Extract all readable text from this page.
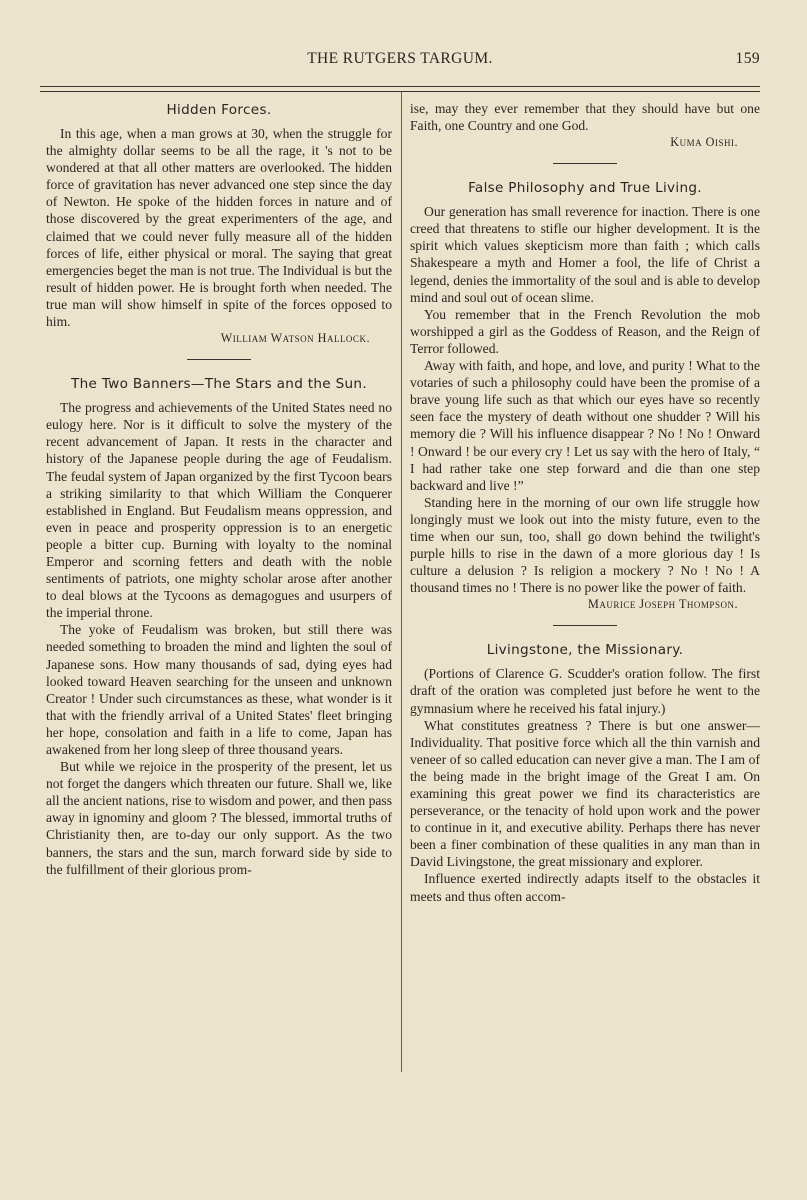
THE RUTGERS TARGUM.	159
Hidden Forces.

In this age, when a man grows at 30, when the struggle for the almighty dollar seems to be all the rage, it 's not to be wondered at that all other matters are overlooked. The hidden force of gravitation has never advanced one step since the day of Newton. He spoke of the hidden forces in nature and of those discovered by the great experimenters of the age, and claimed that we could never fully measure all of the hidden forces of life, either physical or moral. The saying that great emergencies beget the man is not true. The Individual is but the result of hidden power. He is brought forth when needed. The true man will show himself in spite of the forces opposed to him.

William Watson Hallock.
The Two Banners—The Stars and the Sun.

The progress and achievements of the United States need no eulogy here. Nor is it difficult to solve the mystery of the recent advancement of Japan. It rests in the character and history of the Japanese people during the age of Feudalism. The feudal system of Japan organized by the first Tycoon bears a striking similarity to that which William the Conquerer established in England. But Feudalism means oppression, and even in peace and prosperity oppression is to an energetic people a bitter cup. Burning with loyalty to the nominal Emperor and scorning fetters and death with the noble sentiments of patriots, one mighty scholar arose after another to deal blows at the Tycoons as demagogues and usurpers of the imperial throne.

The yoke of Feudalism was broken, but still there was needed something to broaden the mind and lighten the soul of Japanese sons. How many thousands of sad, dying eyes had looked toward Heaven searching for the unseen and unknown Creator ! Under such circumstances as these, what wonder is it that with the friendly arrival of a United States' fleet bringing her hope, consolation and faith in a life to come, Japan has awakened from her long sleep of three thousand years.

But while we rejoice in the prosperity of the present, let us not forget the dangers which threaten our future. Shall we, like all the ancient nations, rise to wisdom and power, and then pass away in ignominy and gloom ? The blessed, immortal truths of Christianity then, are to-day our only support. As the two banners, the stars and the sun, march forward side by side to the fulfillment of their glorious prom-

ise, may they ever remember that they should have but one Faith, one Country and one God.

Kuma Oishi.
False Philosophy and True Living.

Our generation has small reverence for inaction. There is one creed that threatens to stifle our higher development. It is the spirit which values skepticism more than faith ; which calls Shakespeare a myth and Homer a fool, the life of Christ a legend, denies the immortality of the soul and is able to develop mind and soul out of ocean slime.

You remember that in the French Revolution the mob worshipped a girl as the Goddess of Reason, and the Reign of Terror followed.

Away with faith, and hope, and love, and purity ! What to the votaries of such a philosophy could have been the promise of a brave young life such as that which our eyes have so recently seen face the mystery of death without one shudder ? Will his memory die ? Will his influence disappear ? No ! No ! Onward ! Onward ! be our every cry ! Let us say with the hero of Italy, “ I had rather take one step forward and die than one step backward and live !”

Standing here in the morning of our own life struggle how longingly must we look out into the misty future, even to the time when our sun, too, shall go down behind the twilight's purple hills to rise in the dawn of a more glorious day ! Is culture a delusion ? Is religion a mockery ? No ! No ! A thousand times no ! There is no power like the power of faith.

Maurice Joseph Thompson.
Livingstone, the Missionary.

(Portions of Clarence G. Scudder's oration follow. The first draft of the oration was completed just before he went to the gymnasium where he received his fatal injury.)

What constitutes greatness ? There is but one answer—Individuality. That positive force which all the thin varnish and veneer of so called education can never give a man. The I am of the being made in the bright image of the Great I am. On examining this great power we find its characteristics are perseverance, or the tenacity of hold upon work and the power to continue in it, and executive ability. Perhaps there has never been a finer combination of these qualities in any man than in David Livingstone, the great missionary and explorer.

Influence exerted indirectly adapts itself to the obstacles it meets and thus often accom-
